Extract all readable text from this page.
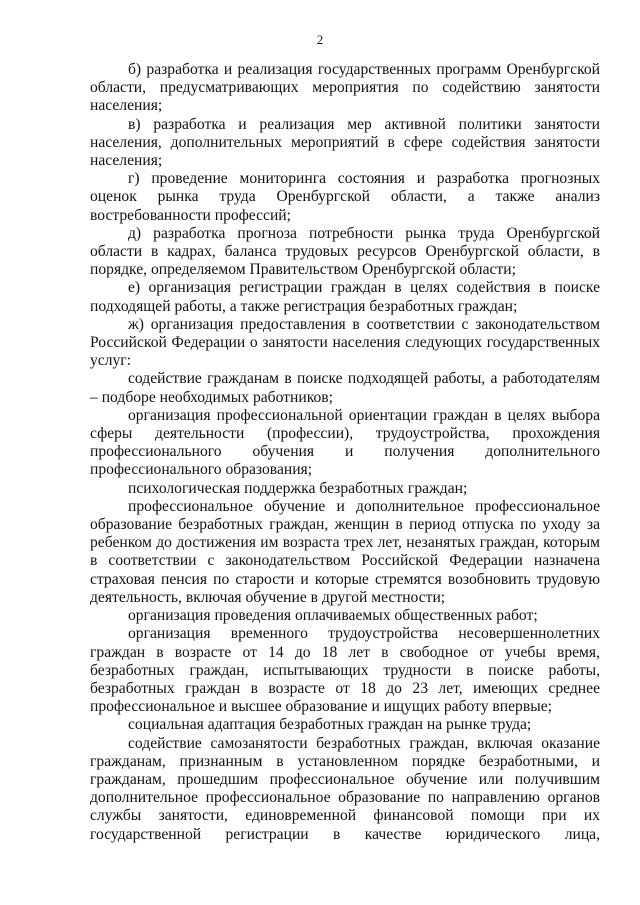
2

б) разработка и реализация государственных программ Оренбургской области, предусматривающих мероприятия по содействию занятости населения;

в) разработка и реализация мер активной политики занятости населения, дополнительных мероприятий в сфере содействия занятости населения;

г) проведение мониторинга состояния и разработка прогнозных оценок рынка труда Оренбургской области, а также анализ востребованности профессий;

д) разработка прогноза потребности рынка труда Оренбургской области в кадрах, баланса трудовых ресурсов Оренбургской области, в порядке, определяемом Правительством Оренбургской области;

е) организация регистрации граждан в целях содействия в поиске подходящей работы, а также регистрация безработных граждан;

ж) организация предоставления в соответствии с законодательством Российской Федерации о занятости населения следующих государственных услуг:

содействие гражданам в поиске подходящей работы, а работодателям – подборе необходимых работников;

организация профессиональной ориентации граждан в целях выбора сферы деятельности (профессии), трудоустройства, прохождения профессионального обучения и получения дополнительного профессионального образования;

психологическая поддержка безработных граждан;

профессиональное обучение и дополнительное профессиональное образование безработных граждан, женщин в период отпуска по уходу за ребенком до достижения им возраста трех лет, незанятых граждан, которым в соответствии с законодательством Российской Федерации назначена страховая пенсия по старости и которые стремятся возобновить трудовую деятельность, включая обучение в другой местности;

организация проведения оплачиваемых общественных работ;

организация временного трудоустройства несовершеннолетних граждан в возрасте от 14 до 18 лет в свободное от учебы время, безработных граждан, испытывающих трудности в поиске работы, безработных граждан в возрасте от 18 до 23 лет, имеющих среднее профессиональное и высшее образование и ищущих работу впервые;

социальная адаптация безработных граждан на рынке труда;

содействие самозанятости безработных граждан, включая оказание гражданам, признанным в установленном порядке безработными, и гражданам, прошедшим профессиональное обучение или получившим дополнительное профессиональное образование по направлению органов службы занятости, единовременной финансовой помощи при их государственной регистрации в качестве юридического лица,
